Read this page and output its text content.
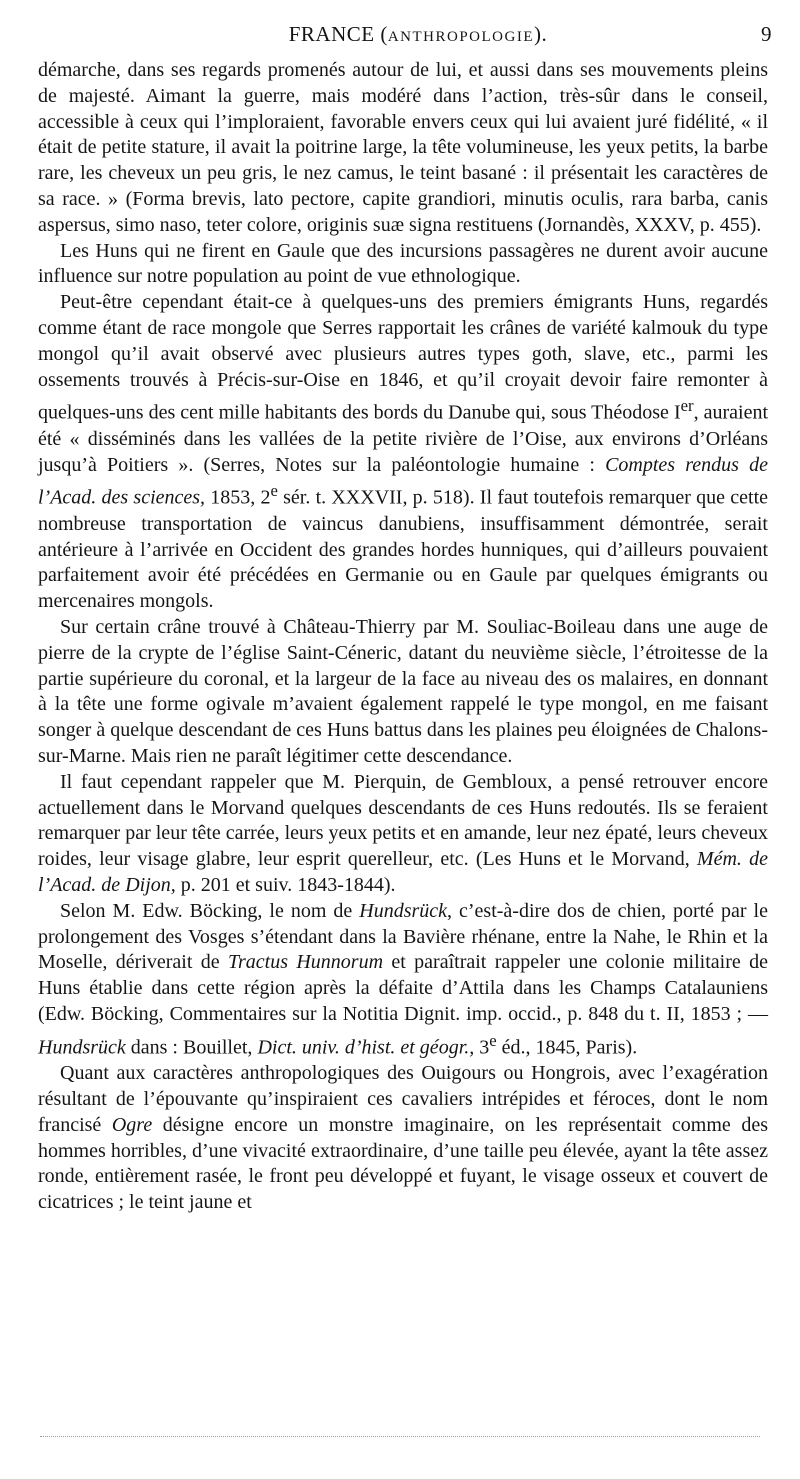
FRANCE (ANTHROPOLOGIE).	9

démarche, dans ses regards promenés autour de lui, et aussi dans ses mouvements pleins de majesté. Aimant la guerre, mais modéré dans l’action, très-sûr dans le conseil, accessible à ceux qui l’imploraient, favorable envers ceux qui lui avaient juré fidélité, « il était de petite stature, il avait la poitrine large, la tête volumineuse, les yeux petits, la barbe rare, les cheveux un peu gris, le nez camus, le teint basané : il présentait les caractères de sa race. » (Forma brevis, lato pectore, capite grandiori, minutis oculis, rara barba, canis aspersus, simo naso, teter colore, originis suæ signa restituens (Jornandès, XXXV, p. 455).

Les Huns qui ne firent en Gaule que des incursions passagères ne durent avoir aucune influence sur notre population au point de vue ethnologique.

Peut-être cependant était-ce à quelques-uns des premiers émigrants Huns, regardés comme étant de race mongole que Serres rapportait les crânes de variété kalmouk du type mongol qu’il avait observé avec plusieurs autres types goth, slave, etc., parmi les ossements trouvés à Précis-sur-Oise en 1846, et qu’il croyait devoir faire remonter à quelques-uns des cent mille habitants des bords du Danube qui, sous Théodose Ier, auraient été « disséminés dans les vallées de la petite rivière de l’Oise, aux environs d’Orléans jusqu’à Poitiers ». (Serres, Notes sur la paléontologie humaine : Comptes rendus de l’Acad. des sciences, 1853, 2e sér. t. XXXVII, p. 518). Il faut toutefois remarquer que cette nombreuse transportation de vaincus danubiens, insuffisamment démontrée, serait antérieure à l’arrivée en Occident des grandes hordes hunniques, qui d’ailleurs pouvaient parfaitement avoir été précédées en Germanie ou en Gaule par quelques émigrants ou mercenaires mongols.

Sur certain crâne trouvé à Château-Thierry par M. Souliac-Boileau dans une auge de pierre de la crypte de l’église Saint-Céneric, datant du neuvième siècle, l’étroitesse de la partie supérieure du coronal, et la largeur de la face au niveau des os malaires, en donnant à la tête une forme ogivale m’avaient également rappelé le type mongol, en me faisant songer à quelque descendant de ces Huns battus dans les plaines peu éloignées de Chalons-sur-Marne. Mais rien ne paraît légitimer cette descendance.

Il faut cependant rappeler que M. Pierquin, de Gembloux, a pensé retrouver encore actuellement dans le Morvand quelques descendants de ces Huns redoutés. Ils se feraient remarquer par leur tête carrée, leurs yeux petits et en amande, leur nez épaté, leurs cheveux roides, leur visage glabre, leur esprit querelleur, etc. (Les Huns et le Morvand, Mém. de l’Acad. de Dijon, p. 201 et suiv. 1843-1844).

Selon M. Edw. Böcking, le nom de Hundsrück, c’est-à-dire dos de chien, porté par le prolongement des Vosges s’étendant dans la Bavière rhénane, entre la Nahe, le Rhin et la Moselle, dériverait de Tractus Hunnorum et paraîtrait rappeler une colonie militaire de Huns établie dans cette région après la défaite d’Attila dans les Champs Catalauniens (Edw. Böcking, Commentaires sur la Notitia Dignit. imp. occid., p. 848 du t. II, 1853 ; — Hundsrück dans : Bouillet, Dict. univ. d’hist. et géogr., 3e éd., 1845, Paris).

Quant aux caractères anthropologiques des Ouigours ou Hongrois, avec l’exagération résultant de l’épouvante qu’inspiraient ces cavaliers intrépides et féroces, dont le nom francisé Ogre désigne encore un monstre imaginaire, on les représentait comme des hommes horribles, d’une vivacité extraordinaire, d’une taille peu élevée, ayant la tête assez ronde, entièrement rasée, le front peu développé et fuyant, le visage osseux et couvert de cicatrices ; le teint jaune et
